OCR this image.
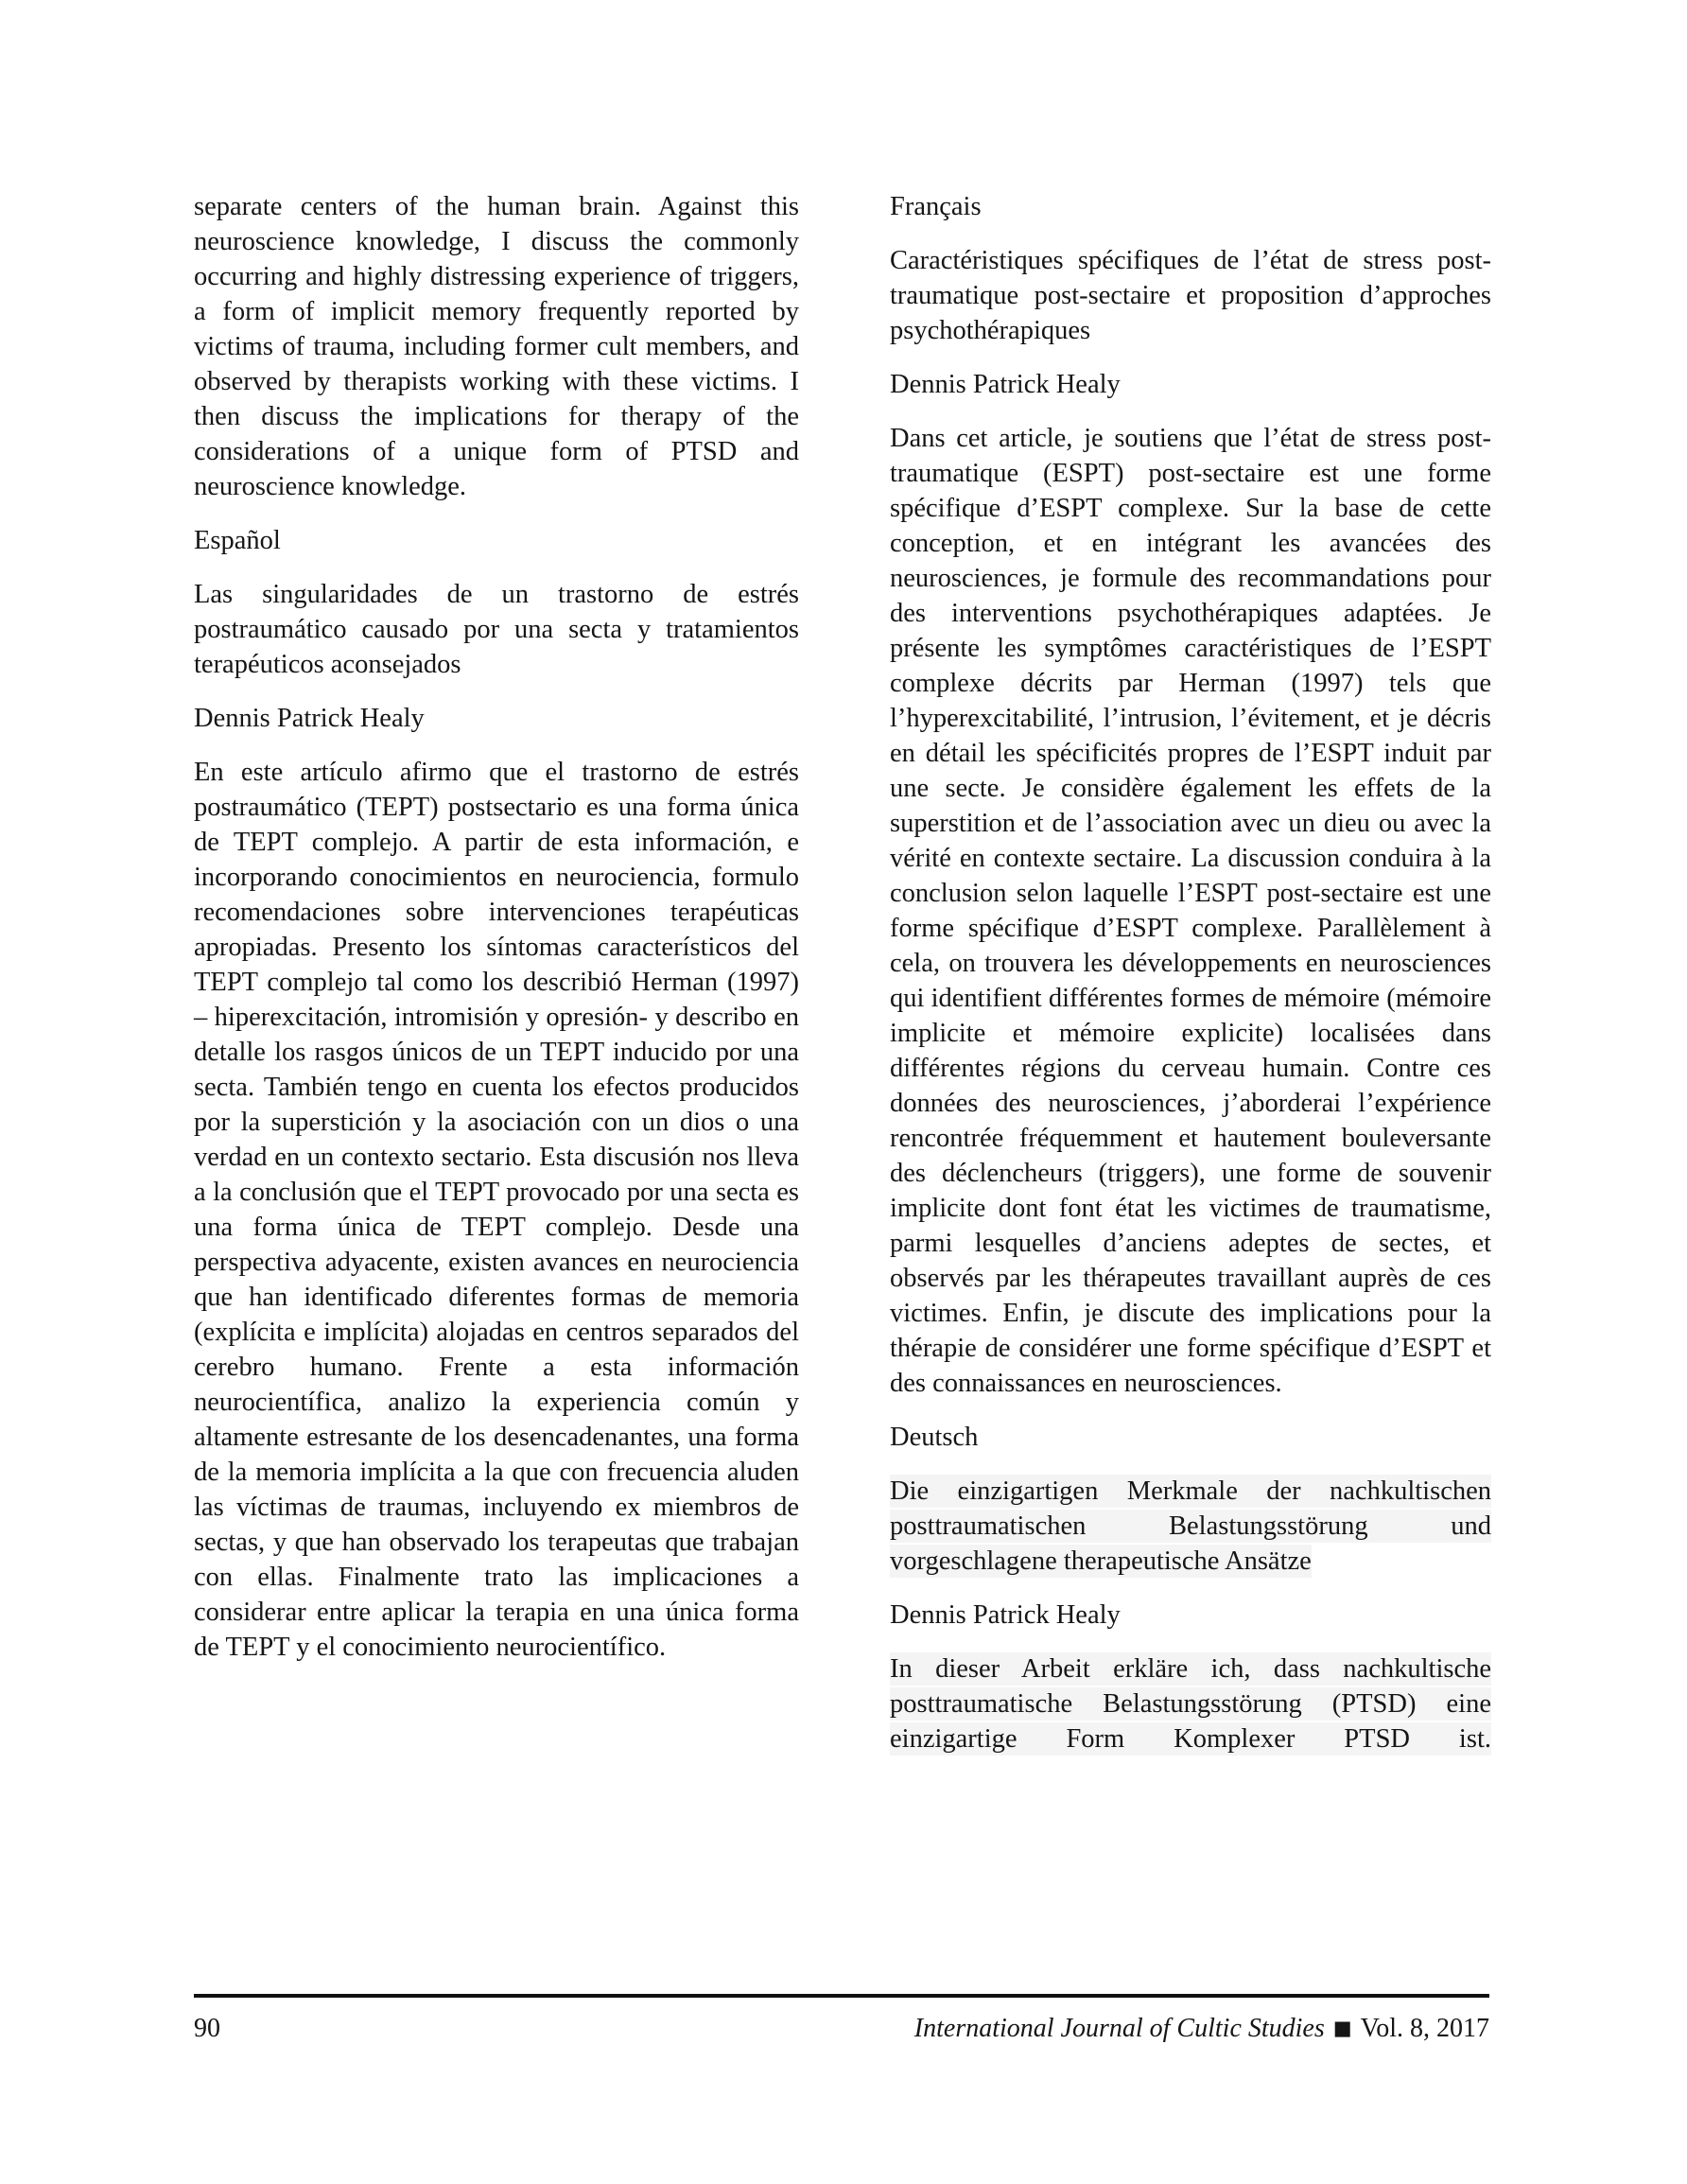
separate centers of the human brain. Against this neuroscience knowledge, I discuss the commonly occurring and highly distressing experience of triggers, a form of implicit memory frequently reported by victims of trauma, including former cult members, and observed by therapists working with these victims. I then discuss the implications for therapy of the considerations of a unique form of PTSD and neuroscience knowledge.

Español
Las singularidades de un trastorno de estrés postraumático causado por una secta y tratamientos terapéuticos aconsejados

Dennis Patrick Healy

En este artículo afirmo que el trastorno de estrés postraumático (TEPT) postsectario es una forma única de TEPT complejo. A partir de esta información, e incorporando conocimientos en neurociencia, formulo recomendaciones sobre intervenciones terapéuticas apropiadas. Presento los síntomas característicos del TEPT complejo tal como los describió Herman (1997) – hiperexcitación, intromisión y opresión- y describo en detalle los rasgos únicos de un TEPT inducido por una secta. También tengo en cuenta los efectos producidos por la superstición y la asociación con un dios o una verdad en un contexto sectario. Esta discusión nos lleva a la conclusión que el TEPT provocado por una secta es una forma única de TEPT complejo. Desde una perspectiva adyacente, existen avances en neurociencia que han identificado diferentes formas de memoria (explícita e implícita) alojadas en centros separados del cerebro humano. Frente a esta información neurocientífica, analizo la experiencia común y altamente estresante de los desencadenantes, una forma de la memoria implícita a la que con frecuencia aluden las víctimas de traumas, incluyendo ex miembros de sectas, y que han observado los terapeutas que trabajan con ellas. Finalmente trato las implicaciones a considerar entre aplicar la terapia en una única forma de TEPT y el conocimiento neurocientífico.

Français
Caractéristiques spécifiques de l’état de stress post-traumatique post-sectaire et proposition d’approches psychothérapiques

Dennis Patrick Healy

Dans cet article, je soutiens que l’état de stress post-traumatique (ESPT) post-sectaire est une forme spécifique d’ESPT complexe. Sur la base de cette conception, et en intégrant les avancées des neurosciences, je formule des recommandations pour des interventions psychothérapiques adaptées. Je présente les symptômes caractéristiques de l’ESPT complexe décrits par Herman (1997) tels que l’hyperexcitabilité, l’intrusion, l’évitement, et je décris en détail les spécificités propres de l’ESPT induit par une secte. Je considère également les effets de la superstition et de l’association avec un dieu ou avec la vérité en contexte sectaire. La discussion conduira à la conclusion selon laquelle l’ESPT post-sectaire est une forme spécifique d’ESPT complexe. Parallèlement à cela, on trouvera les développements en neurosciences qui identifient différentes formes de mémoire (mémoire implicite et mémoire explicite) localisées dans différentes régions du cerveau humain. Contre ces données des neurosciences, j’aborderai l’expérience rencontrée fréquemment et hautement bouleversante des déclencheurs (triggers), une forme de souvenir implicite dont font état les victimes de traumatisme, parmi lesquelles d’anciens adeptes de sectes, et observés par les thérapeutes travaillant auprès de ces victimes. Enfin, je discute des implications pour la thérapie de considérer une forme spécifique d’ESPT et des connaissances en neurosciences.

Deutsch
Die einzigartigen Merkmale der nachkultischen posttraumatischen Belastungsstörung und vorgeschlagene therapeutische Ansätze

Dennis Patrick Healy

In dieser Arbeit erkläre ich, dass nachkultische posttraumatische Belastungsstörung (PTSD) eine einzigartige Form Komplexer PTSD ist.

90	International Journal of Cultic Studies ■ Vol. 8, 2017
